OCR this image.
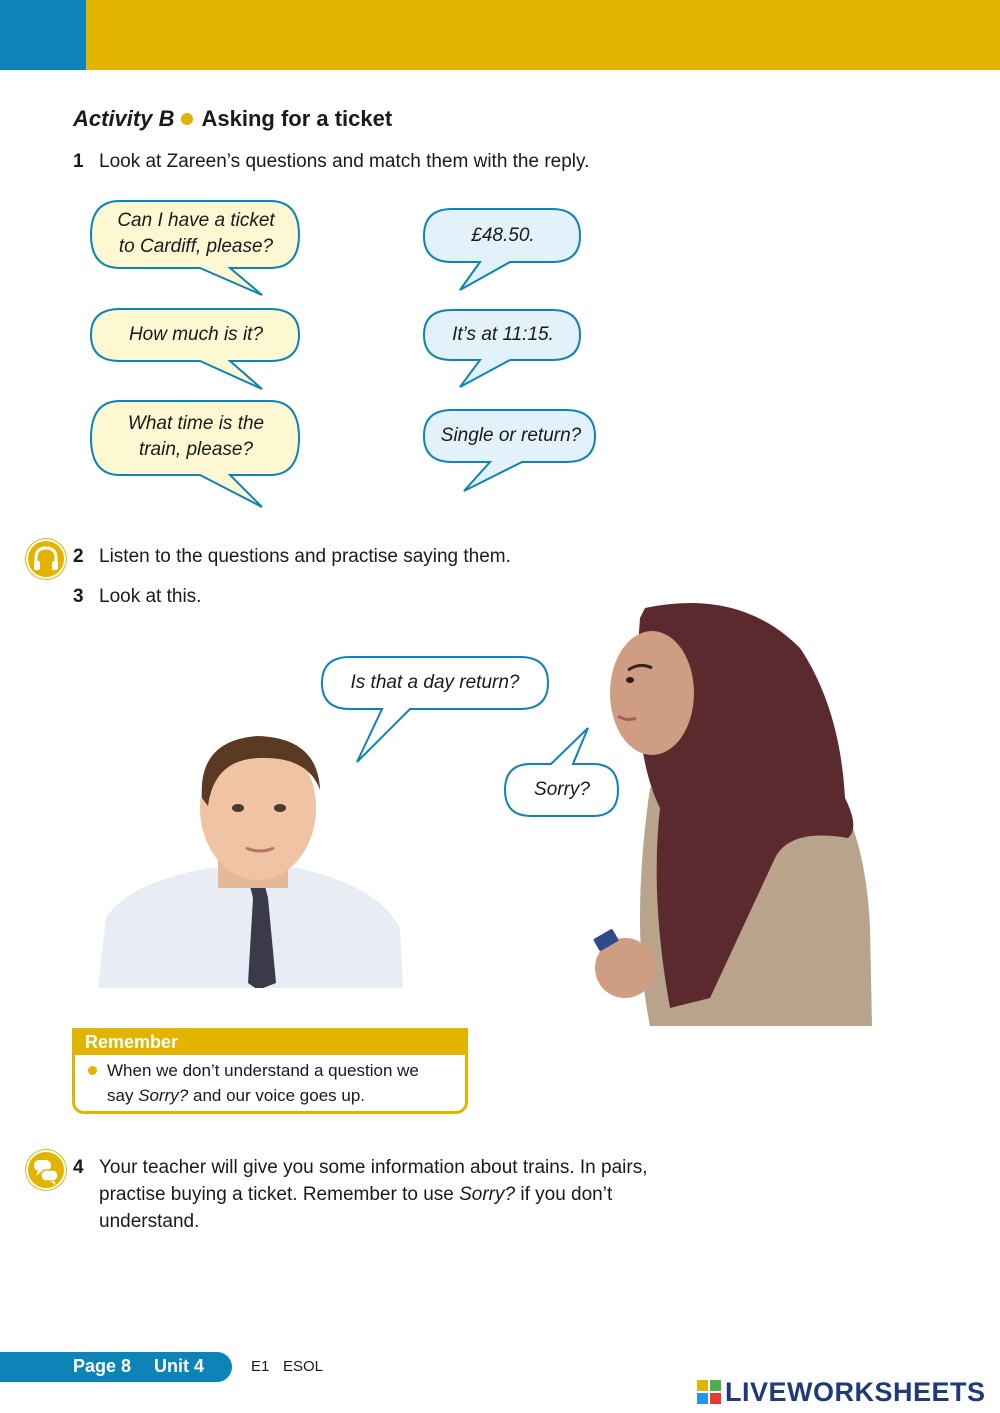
Activity B Asking for a ticket
1 Look at Zareen’s questions and match them with the reply.
Can I have a ticket
to Cardiff, please?
How much is it?
What time is the
train, please?
£48.50.
It’s at 11:15.
Single or return?
2 Listen to the questions and practise saying them.
3 Look at this.
Is that a day return?
Sorry?
Remember
When we don’t understand a question we
say Sorry? and our voice goes up.
4 Your teacher will give you some information about trains. In pairs, practise buying a ticket. Remember to use Sorry? if you don’t understand.
Page 8 Unit 4	E1 ESOL
LIVEWORKSHEETS
